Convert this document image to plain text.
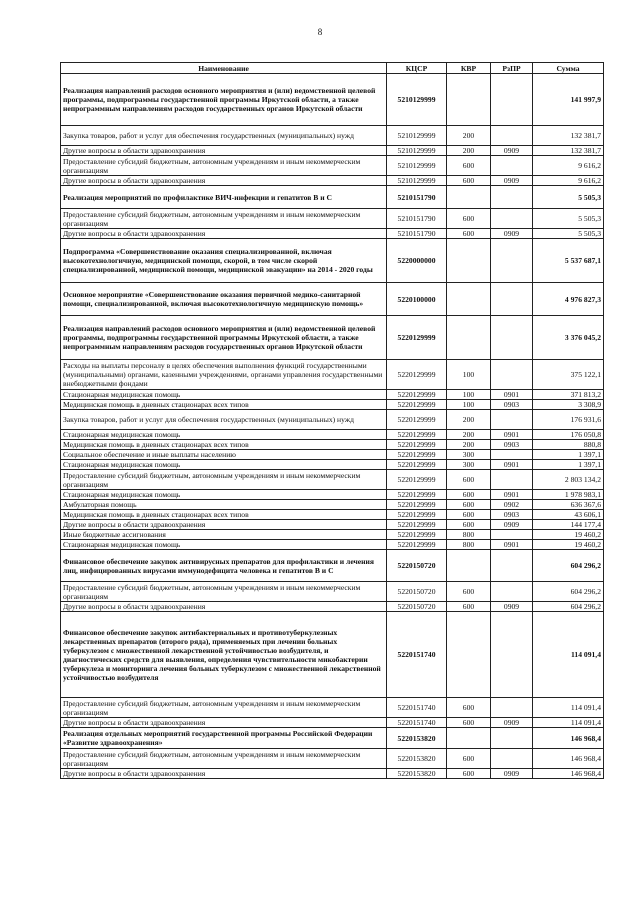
8
Наименование	КЦСР	КВР	РзПР	Сумма
Реализация направлений расходов основного мероприятия и (или) ведомственной целевой программы, подпрограммы государственной программы Иркутской области, а также непрограммным направлениям расходов государственных органов Иркутской области	5210129999			141 997,9
Закупка товаров, работ и услуг для обеспечения государственных (муниципальных) нужд	5210129999	200		132 381,7
Другие вопросы в области здравоохранения	5210129999	200	0909	132 381,7
Предоставление субсидий бюджетным, автономным учреждениям и иным некоммерческим организациям	5210129999	600		9 616,2
Другие вопросы в области здравоохранения	5210129999	600	0909	9 616,2
Реализация мероприятий по профилактике ВИЧ-инфекции и гепатитов В и С	5210151790			5 505,3
Предоставление субсидий бюджетным, автономным учреждениям и иным некоммерческим организациям	5210151790	600		5 505,3
Другие вопросы в области здравоохранения	5210151790	600	0909	5 505,3
Подпрограмма «Совершенствование оказания специализированной, включая высокотехнологичную, медицинской помощи, скорой, в том числе скорой специализированной, медицинской помощи, медицинской эвакуации» на 2014 - 2020 годы	5220000000			5 537 687,1
Основное мероприятие «Совершенствование оказания первичной медико-санитарной помощи, специализированной, включая высокотехнологичную медицинскую помощь»	5220100000			4 976 827,3
Реализация направлений расходов основного мероприятия и (или) ведомственной целевой программы, подпрограммы государственной программы Иркутской области, а также непрограммным направлениям расходов государственных органов Иркутской области	5220129999			3 376 045,2
Расходы на выплаты персоналу в целях обеспечения выполнения функций государственными (муниципальными) органами, казенными учреждениями, органами управления государственными внебюджетными фондами	5220129999	100		375 122,1
Стационарная медицинская помощь	5220129999	100	0901	371 813,2
Медицинская помощь в дневных стационарах всех типов	5220129999	100	0903	3 308,9
Закупка товаров, работ и услуг для обеспечения государственных (муниципальных) нужд	5220129999	200		176 931,6
Стационарная медицинская помощь	5220129999	200	0901	176 050,8
Медицинская помощь в дневных стационарах всех типов	5220129999	200	0903	880,8
Социальное обеспечение и иные выплаты населению	5220129999	300		1 397,1
Стационарная медицинская помощь	5220129999	300	0901	1 397,1
Предоставление субсидий бюджетным, автономным учреждениям и иным некоммерческим организациям	5220129999	600		2 803 134,2
Стационарная медицинская помощь	5220129999	600	0901	1 978 983,1
Амбулаторная помощь	5220129999	600	0902	636 367,6
Медицинская помощь в дневных стационарах всех типов	5220129999	600	0903	43 606,1
Другие вопросы в области здравоохранения	5220129999	600	0909	144 177,4
Иные бюджетные ассигнования	5220129999	800		19 460,2
Стационарная медицинская помощь	5220129999	800	0901	19 460,2
Финансовое обеспечение закупок антивирусных препаратов для профилактики и лечения лиц, инфицированных вирусами иммунодефицита человека и гепатитов В и С	5220150720			604 296,2
Предоставление субсидий бюджетным, автономным учреждениям и иным некоммерческим организациям	5220150720	600		604 296,2
Другие вопросы в области здравоохранения	5220150720	600	0909	604 296,2
Финансовое обеспечение закупок антибактериальных и противотуберкулезных лекарственных препаратов (второго ряда), применяемых при лечении больных туберкулезом с множественной лекарственной устойчивостью возбудителя, и диагностических средств для выявления, определения чувствительности микобактерии туберкулеза и мониторинга лечения больных туберкулезом с множественной лекарственной устойчивостью возбудителя	5220151740			114 091,4
Предоставление субсидий бюджетным, автономным учреждениям и иным некоммерческим организациям	5220151740	600		114 091,4
Другие вопросы в области здравоохранения	5220151740	600	0909	114 091,4
Реализация отдельных мероприятий государственной программы Российской Федерации «Развитие здравоохранения»	5220153820			146 968,4
Предоставление субсидий бюджетным, автономным учреждениям и иным некоммерческим организациям	5220153820	600		146 968,4
Другие вопросы в области здравоохранения	5220153820	600	0909	146 968,4
